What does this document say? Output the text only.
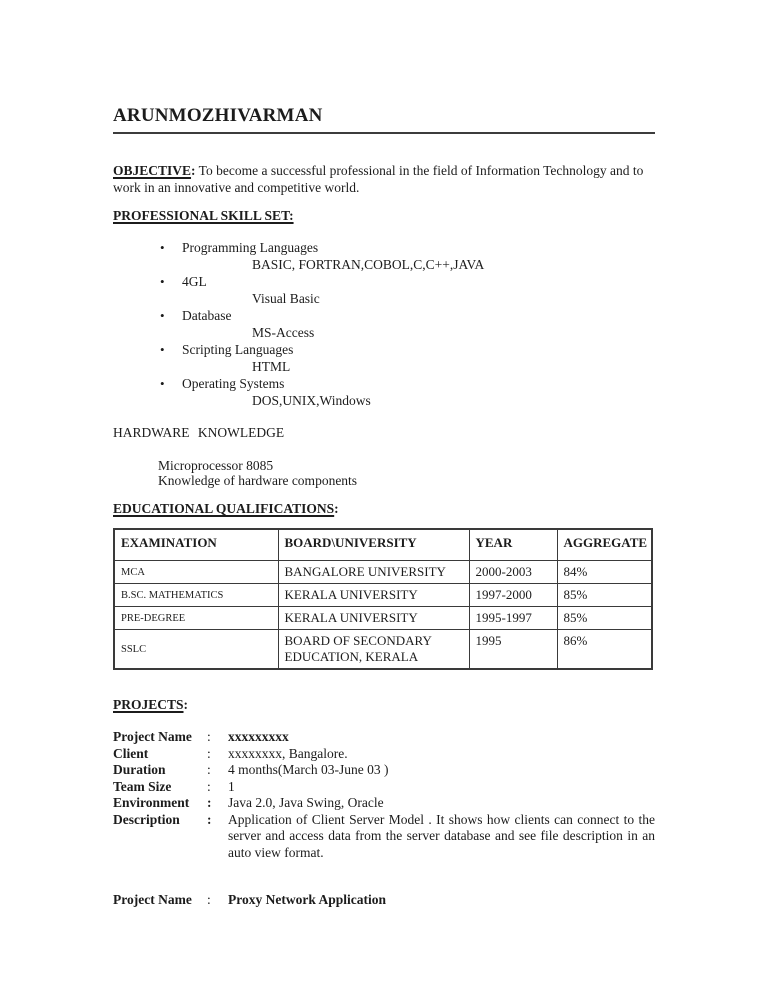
ARUNMOZHIVARMAN

OBJECTIVE: To become a successful professional in the field of Information Technology and to work in an innovative and competitive world.

PROFESSIONAL SKILL SET:
•	Programming Languages
BASIC, FORTRAN,COBOL,C,C++,JAVA
•	4GL
Visual Basic
•	Database
MS-Access
•	Scripting Languages
HTML
•	Operating Systems
DOS,UNIX,Windows
HARDWARE KNOWLEDGE
Microprocessor 8085
Knowledge of hardware components
EDUCATIONAL QUALIFICATIONS:
EXAMINATION	BOARD\UNIVERSITY	YEAR	AGGREGATE
MCA	BANGALORE UNIVERSITY	2000-2003	84%
B.SC. MATHEMATICS	KERALA UNIVERSITY	1997-2000	85%
PRE-DEGREE	KERALA UNIVERSITY	1995-1997	85%
SSLC	BOARD OF SECONDARY EDUCATION, KERALA	1995	86%
PROJECTS:
Project Name	:	xxxxxxxxx
Client	:	xxxxxxxx, Bangalore.
Duration	:	4 months(March 03-June 03 )
Team Size	:	1
Environment	:	Java 2.0, Java Swing, Oracle
Description	:	Application of Client Server Model . It shows how clients can connect to the server and access data from the server database and see file description in an auto view format.
Project Name	:	Proxy Network Application
